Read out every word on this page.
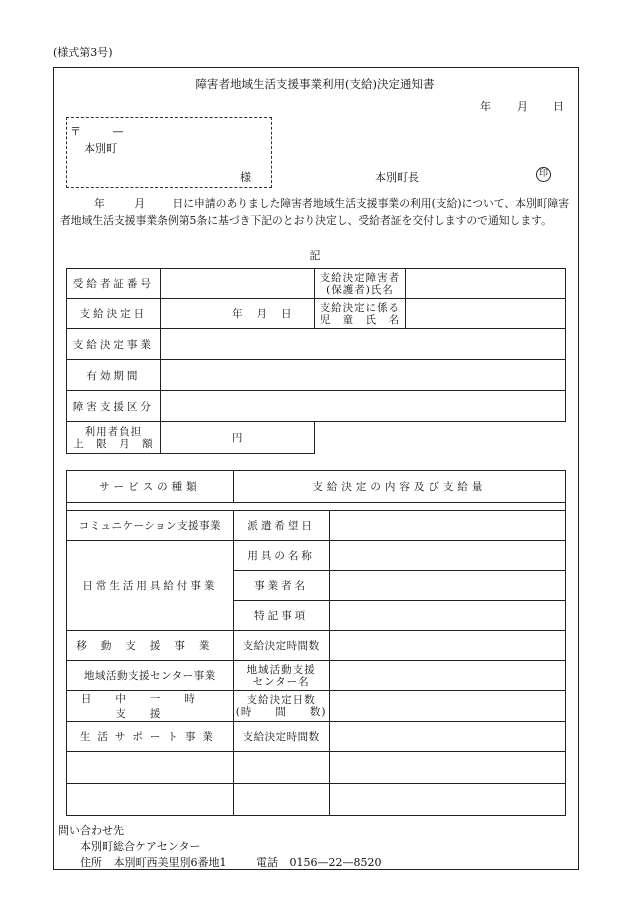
(様式第3号)
障害者地域生活支援事業利用(支給)決定通知書
年 月 日
〒	—
本別町
様	本別町長	印
年	月	日に申請のありました障害者地域生活支援事業の利用(支給)について、本別町障害者地域生活支援事業条例第5条に基づき下記のとおり決定し、受給者証を交付しますので通知します。
記
受給者証番号		支給決定障害者
(保護者)氏名	

支給決定日	年月日	支給決定に係る
児　童　氏　名	

支給決定事業			
有効期間			
障害支援区分			

利用者負担
上　限　月　額	円		
サービスの種類	支給決定の内容及び支給量	

コミュニケーション支援事業	派遣希望日	
日常生活用具給付事業	用具の名称	
	事業者名	
	特記事項	
移動支援事業	支給決定時間数	
地域活動支援センター事業	地域活動支援
センター名	

日中一時支援	支給決定日数
(時　　間　　数)	

生活サポート事業	支給決定時間数	

問い合わせ先
本別町総合ケアセンター
住所 本別町西美里別6番地1	電話 0156—22—8520
